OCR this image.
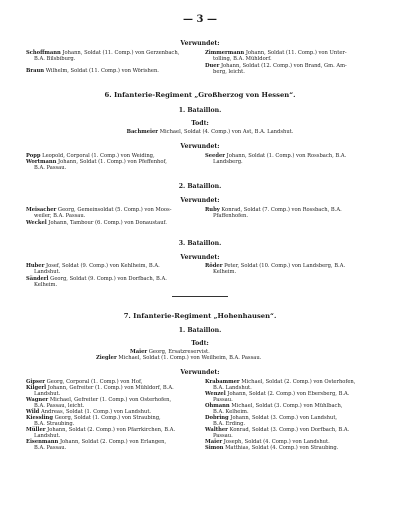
— 3 —
Verwundet:
Schoffmann Johann, Soldat (11. Comp.) von Gerzenbach,
B.A. Bilsbiburg.
Braun Wilhelm, Soldat (11. Comp.) von Wörishen.
Zimmermann Johann, Soldat (11. Comp.) von Unter-
tolling, B.A. Mühldorf.
Duer Johann, Soldat (12. Comp.) von Brand, Gm. Am-
berg, leicht.
6. Infanterie-Regiment „Großherzog von Hessen“.
1. Bataillon.
Todt:
Bachmeier Michael, Soldat (4. Comp.) von Ast, B.A. Landshut.
Verwundet:
Popp Leopold, Corporal (1. Comp.) von Weiding,
Wortmann Johann, Soldat (1. Comp.) von Pfeffenhof,
B.A. Passau.
Seeder Johann, Soldat (1. Comp.) von Rossbach, B.A.
Landsberg.
2. Bataillon.
Verwundet:
Meisacher Georg, Gemeinsoldat (5. Comp.) von Moos-
weiler, B.A. Passau.
Weckel Johann, Tambour (6. Comp.) von Donaustauf.
Ruby Konrad, Soldat (7. Comp.) von Rossbach, B.A.
Pfaffenhofen.
3. Bataillon.
Verwundet:
Huber Josef, Soldat (9. Comp.) von Kehlheim, B.A.
Landshut.
Sänderl Georg, Soldat (9. Comp.) von Dorfbach, B.A.
Kelheim.
Röder Peter, Soldat (10. Comp.) von Landsberg, B.A.
Kelheim.
7. Infanterie-Regiment „Hohenhausen“.
1. Bataillon.
Todt:
Maier Georg, Ersatzreservist.
Ziegler Michael, Soldat (1. Comp.) von Weilheim, B.A. Passau.
Verwundet:
Gipser Georg, Corporal (1. Comp.) von Hof,
Kilgerl Johann, Gefreiter (1. Comp.) von Mühldorf, B.A.
Landshut.
Wagner Michael, Gefreiter (1. Comp.) von Osterhofen,
B.A. Passau, leicht.
Wild Andreas, Soldat (1. Comp.) von Landshut.
Kiessling Georg, Soldat (1. Comp.) von Straubing,
B.A. Straubing.
Müller Johann, Soldat (2. Comp.) von Pfarrkirchen, B.A.
Landshut.
Eisenmann Johann, Soldat (2. Comp.) von Erlangen,
B.A. Passau.
Krabammer Michael, Soldat (2. Comp.) von Osterhofen,
B.A. Landshut.
Wenzel Johann, Soldat (2. Comp.) von Ebersberg, B.A.
Passau.
Ohmann Michael, Soldat (3. Comp.) von Mühlbach,
B.A. Kelheim.
Dobring Johann, Soldat (3. Comp.) von Landshut,
B.A. Erding.
Walther Konrad, Soldat (3. Comp.) von Dorfbach, B.A.
Passau.
Maier Joseph, Soldat (4. Comp.) von Landshut.
Simon Matthias, Soldat (4. Comp.) von Straubing.
